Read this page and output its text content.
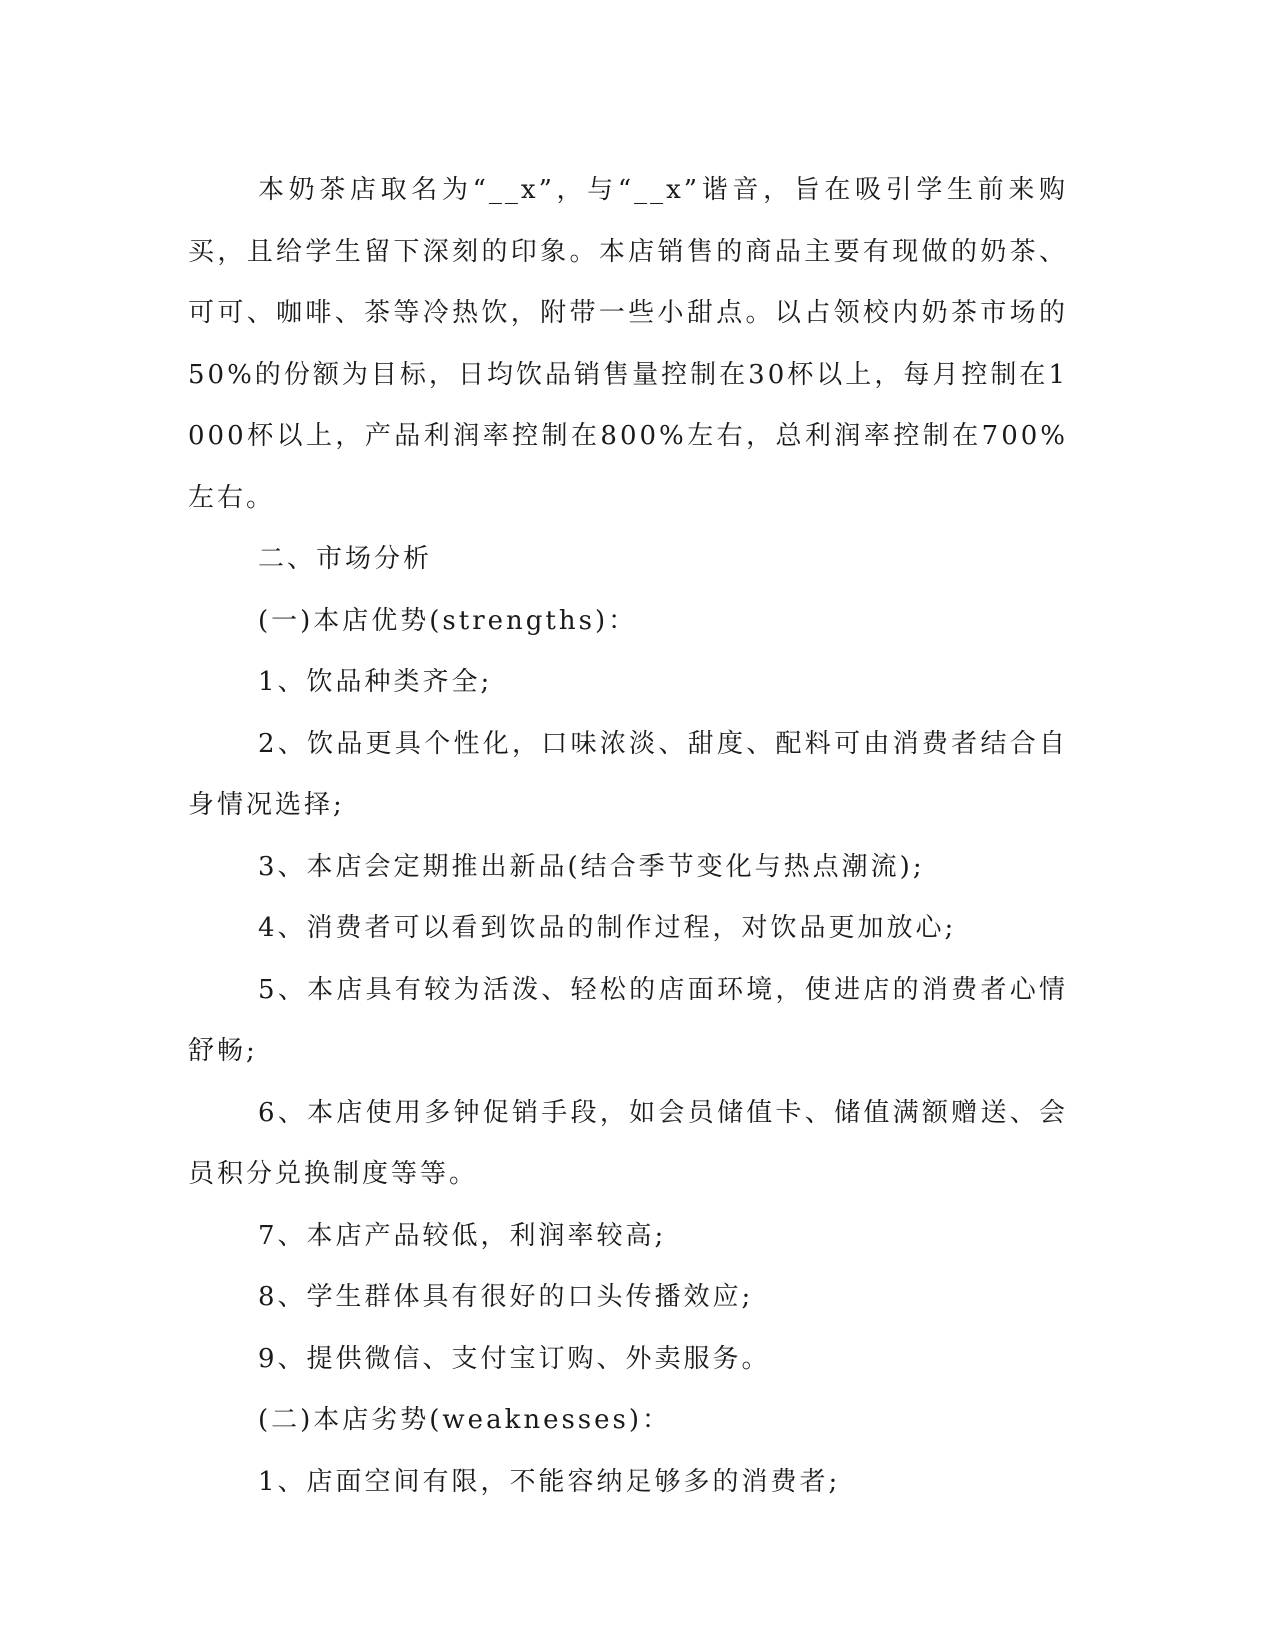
本奶茶店取名为“__x”，与“__x”谐音，旨在吸引学生前来购买，且给学生留下深刻的印象。本店销售的商品主要有现做的奶茶、可可、咖啡、茶等冷热饮，附带一些小甜点。以占领校内奶茶市场的50%的份额为目标，日均饮品销售量控制在30杯以上，每月控制在1000杯以上，产品利润率控制在800%左右，总利润率控制在700%左右。

二、市场分析

(一)本店优势(strengths)：

1、饮品种类齐全;

2、饮品更具个性化，口味浓淡、甜度、配料可由消费者结合自身情况选择;

3、本店会定期推出新品(结合季节变化与热点潮流);

4、消费者可以看到饮品的制作过程，对饮品更加放心;

5、本店具有较为活泼、轻松的店面环境，使进店的消费者心情舒畅;

6、本店使用多钟促销手段，如会员储值卡、储值满额赠送、会员积分兑换制度等等。

7、本店产品较低，利润率较高;

8、学生群体具有很好的口头传播效应;

9、提供微信、支付宝订购、外卖服务。

(二)本店劣势(weaknesses)：

1、店面空间有限，不能容纳足够多的消费者;
